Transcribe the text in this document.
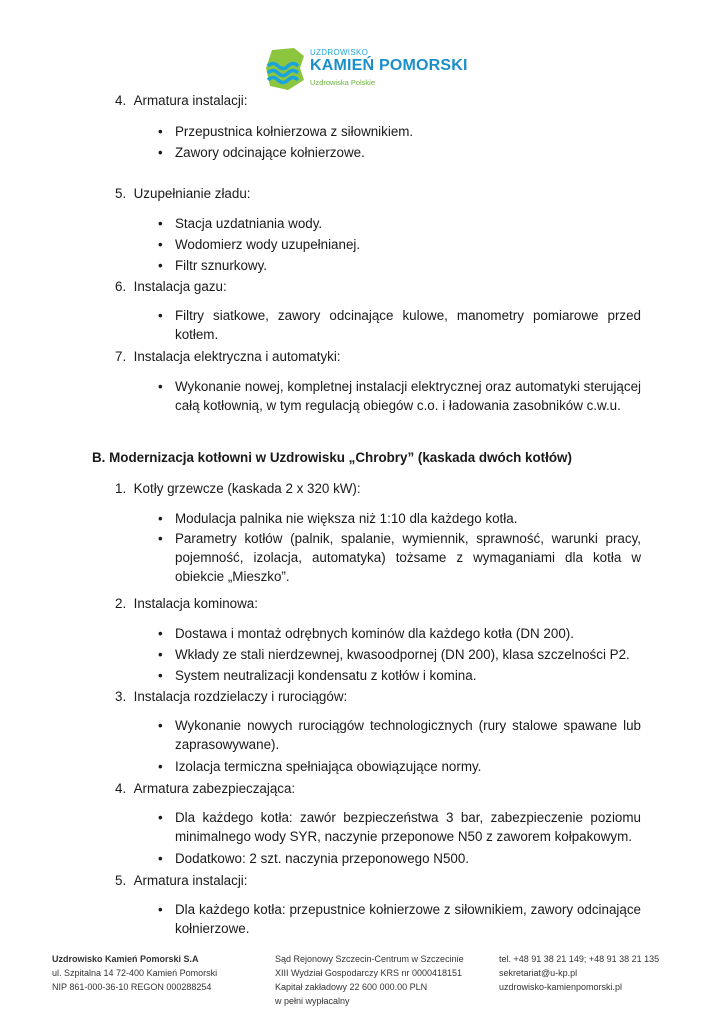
UZDROWISKO
KAMIEŃ POMORSKI
Uzdrowiska Polskie
4. Armatura instalacji:
• Przepustnica kołnierzowa z siłownikiem.
• Zawory odcinające kołnierzowe.
5. Uzupełnianie zładu:
• Stacja uzdatniania wody.
• Wodomierz wody uzupełnianej.
• Filtr sznurkowy.
6. Instalacja gazu:
• Filtry siatkowe, zawory odcinające kulowe, manometry pomiarowe przed kotłem.
7. Instalacja elektryczna i automatyki:
• Wykonanie nowej, kompletnej instalacji elektrycznej oraz automatyki sterującej całą kotłownią, w tym regulacją obiegów c.o. i ładowania zasobników c.w.u.
B. Modernizacja kotłowni w Uzdrowisku „Chrobry” (kaskada dwóch kotłów)
1. Kotły grzewcze (kaskada 2 x 320 kW):
• Modulacja palnika nie większa niż 1:10 dla każdego kotła.
• Parametry kotłów (palnik, spalanie, wymiennik, sprawność, warunki pracy, pojemność, izolacja, automatyka) tożsame z wymaganiami dla kotła w obiekcie „Mieszko”.
2. Instalacja kominowa:
• Dostawa i montaż odrębnych kominów dla każdego kotła (DN 200).
• Wkłady ze stali nierdzewnej, kwasoodpornej (DN 200), klasa szczelności P2.
• System neutralizacji kondensatu z kotłów i komina.
3. Instalacja rozdzielaczy i rurociągów:
• Wykonanie nowych rurociągów technologicznych (rury stalowe spawane lub zaprasowywane).
• Izolacja termiczna spełniająca obowiązujące normy.
4. Armatura zabezpieczająca:
• Dla każdego kotła: zawór bezpieczeństwa 3 bar, zabezpieczenie poziomu minimalnego wody SYR, naczynie przeponowe N50 z zaworem kołpakowym.
• Dodatkowo: 2 szt. naczynia przeponowego N500.
5. Armatura instalacji:
• Dla każdego kotła: przepustnice kołnierzowe z siłownikiem, zawory odcinające kołnierzowe.
Uzdrowisko Kamień Pomorski S.A
ul. Szpitalna 14 72-400 Kamień Pomorski
NIP 861-000-36-10 REGON 000288254
Sąd Rejonowy Szczecin-Centrum w Szczecinie
XIII Wydział Gospodarczy KRS nr 0000418151
Kapitał zakładowy 22 600 000.00 PLN
w pełni wypłacalny
tel. +48 91 38 21 149; +48 91 38 21 135
sekretariat@u-kp.pl
uzdrowisko-kamienpomorski.pl
